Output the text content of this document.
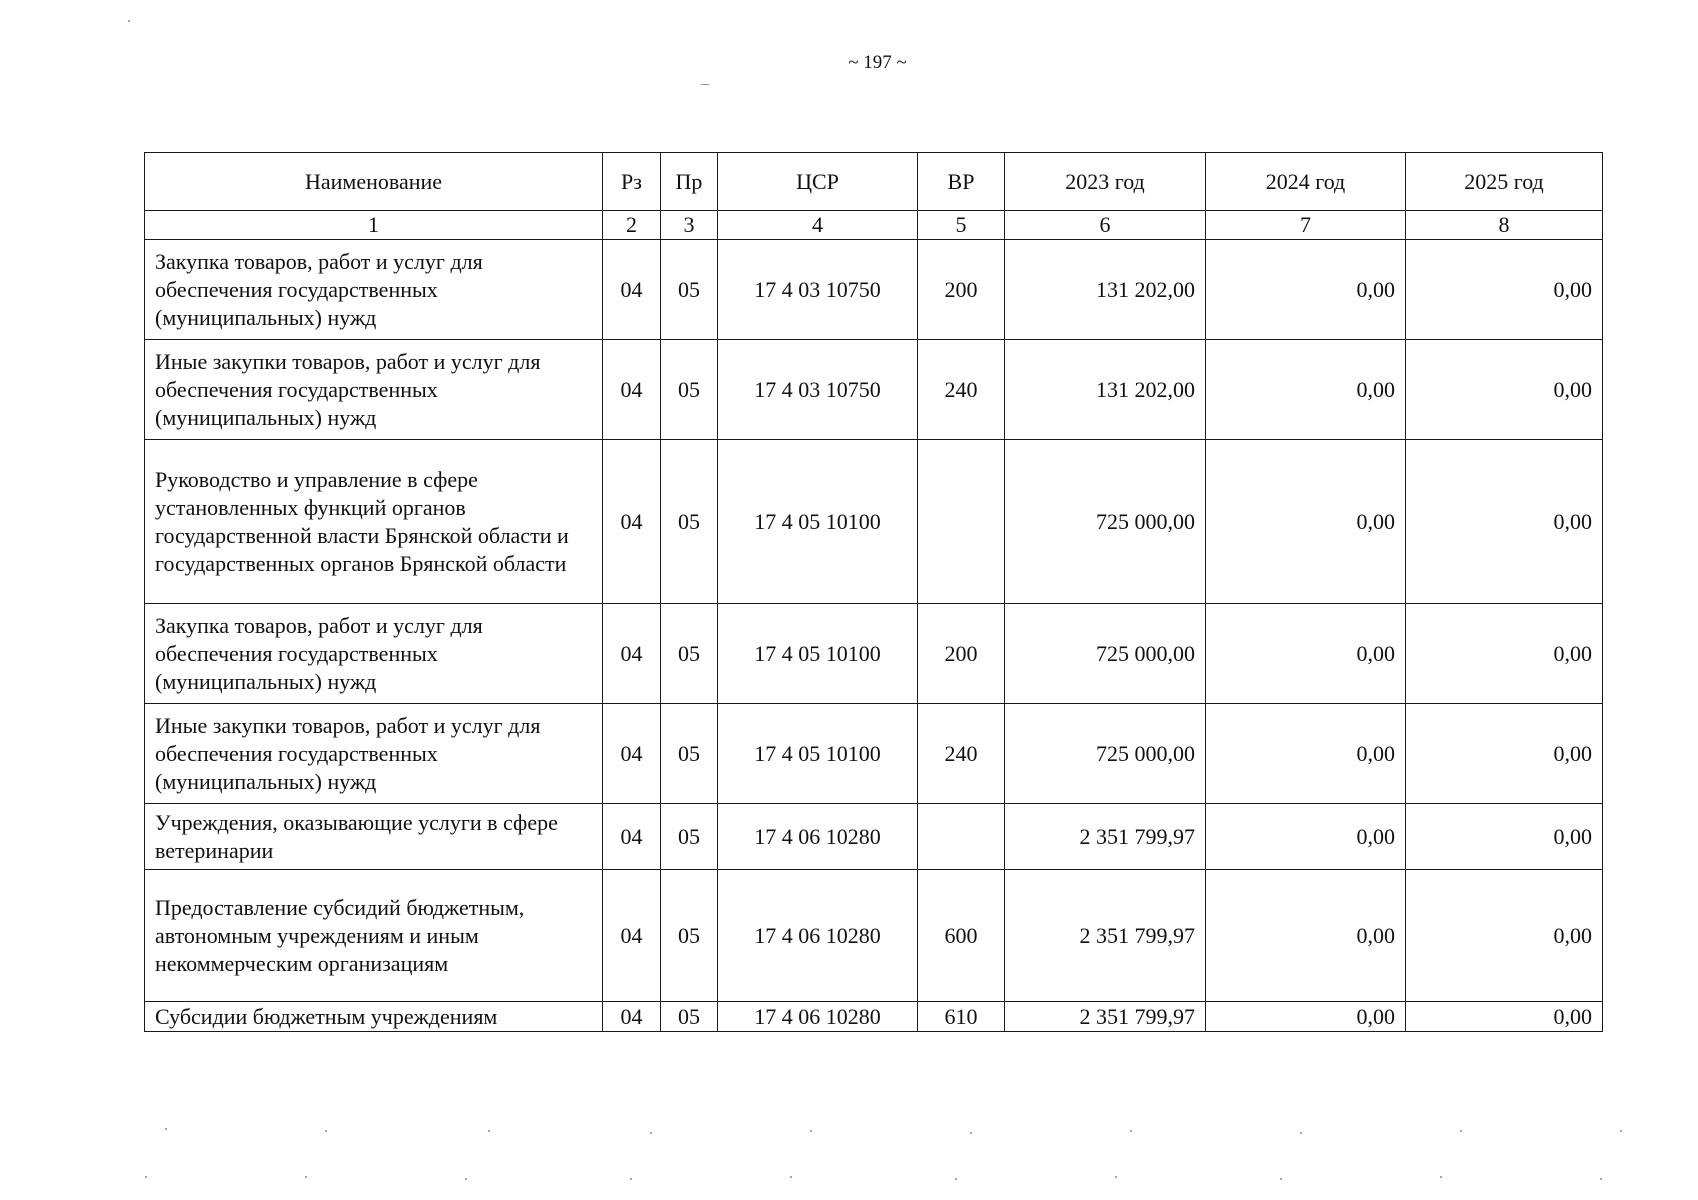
~ 197 ~
Наименование	Рз	Пр	ЦСР	ВР	2023 год	2024 год	2025 год
1	2	3	4	5	6	7	8
Закупка товаров, работ и услуг для обеспечения государственных (муниципальных) нужд	04	05	17 4 03 10750	200	131 202,00	0,00	0,00
Иные закупки товаров, работ и услуг для обеспечения государственных (муниципальных) нужд	04	05	17 4 03 10750	240	131 202,00	0,00	0,00
Руководство и управление в сфере установленных функций органов государственной власти Брянской области и государственных органов Брянской области	04	05	17 4 05 10100		725 000,00	0,00	0,00
Закупка товаров, работ и услуг для обеспечения государственных (муниципальных) нужд	04	05	17 4 05 10100	200	725 000,00	0,00	0,00
Иные закупки товаров, работ и услуг для обеспечения государственных (муниципальных) нужд	04	05	17 4 05 10100	240	725 000,00	0,00	0,00
Учреждения, оказывающие услуги в сфере ветеринарии	04	05	17 4 06 10280		2 351 799,97	0,00	0,00
Предоставление субсидий бюджетным, автономным учреждениям и иным некоммерческим организациям	04	05	17 4 06 10280	600	2 351 799,97	0,00	0,00
Субсидии бюджетным учреждениям	04	05	17 4 06 10280	610	2 351 799,97	0,00	0,00
